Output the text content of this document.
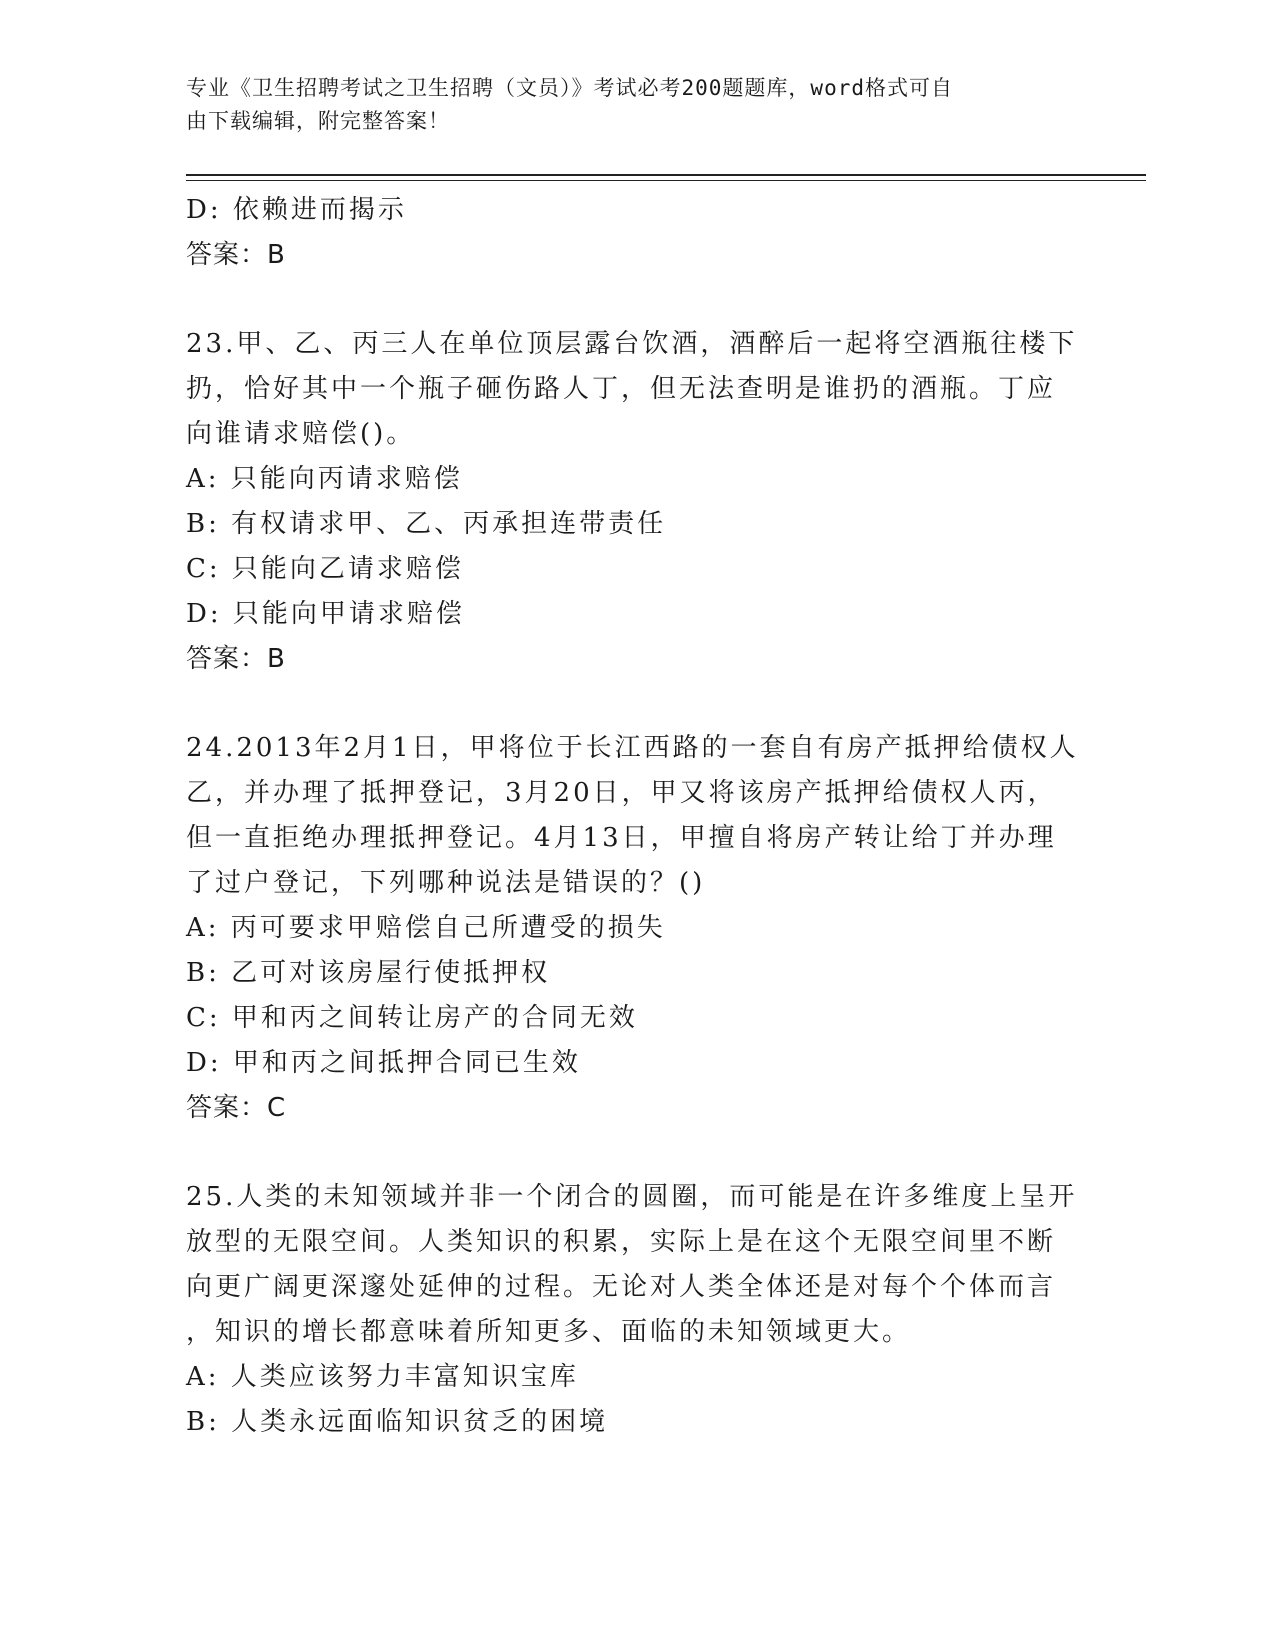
专业《卫生招聘考试之卫生招聘（文员）》考试必考200题题库，word格式可自
由下载编辑，附完整答案！
D: 依赖进而揭示
答案：B
23.甲、乙、丙三人在单位顶层露台饮酒，酒醉后一起将空酒瓶往楼下
扔，恰好其中一个瓶子砸伤路人丁，但无法查明是谁扔的酒瓶。丁应
向谁请求赔偿()。
A: 只能向丙请求赔偿
B: 有权请求甲、乙、丙承担连带责任
C: 只能向乙请求赔偿
D: 只能向甲请求赔偿
答案：B
24.2013年2月1日，甲将位于长江西路的一套自有房产抵押给债权人
乙，并办理了抵押登记，3月20日，甲又将该房产抵押给债权人丙，
但一直拒绝办理抵押登记。4月13日，甲擅自将房产转让给丁并办理
了过户登记，下列哪种说法是错误的？()
A: 丙可要求甲赔偿自己所遭受的损失
B: 乙可对该房屋行使抵押权
C: 甲和丙之间转让房产的合同无效
D: 甲和丙之间抵押合同已生效
答案：C
25.人类的未知领域并非一个闭合的圆圈，而可能是在许多维度上呈开
放型的无限空间。人类知识的积累，实际上是在这个无限空间里不断
向更广阔更深邃处延伸的过程。无论对人类全体还是对每个个体而言
，知识的增长都意味着所知更多、面临的未知领域更大。
A: 人类应该努力丰富知识宝库
B: 人类永远面临知识贫乏的困境
